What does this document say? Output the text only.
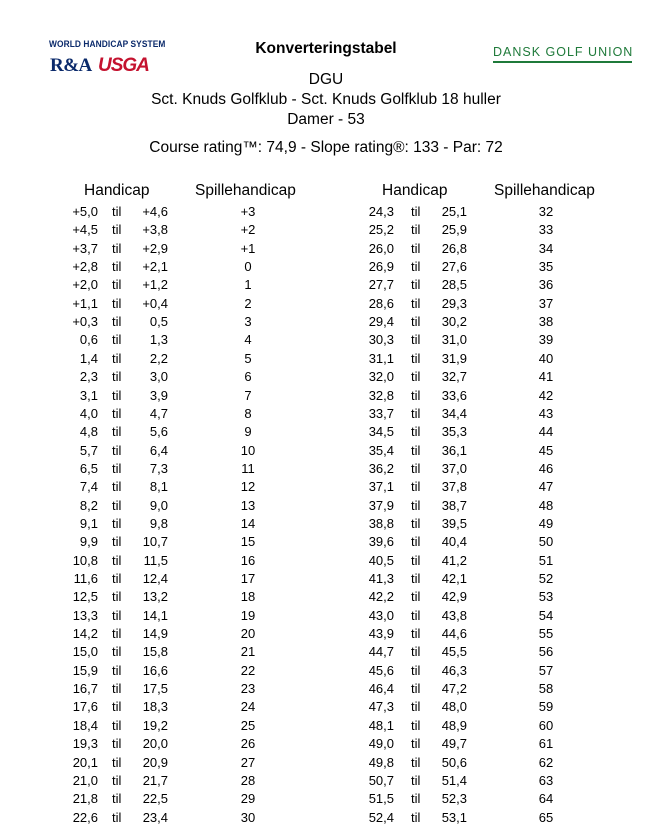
WORLD HANDICAP SYSTEM
R&A USGA
DANSK GOLF UNION
Konverteringstabel
DGU
Sct. Knuds Golfklub - Sct. Knuds Golfklub 18 huller
Damer - 53
Course rating™: 74,9 - Slope rating®: 133 - Par: 72
Handicap	Spillehandicap	Handicap	Spillehandicap
+5,0 til	+4,6	+3
+4,5 til	+3,8	+2
+3,7 til	+2,9	+1
+2,8 til	+2,1	0
+2,0 til	+1,2	1
+1,1 til	+0,4	2
+0,3 til	0,5	3
0,6 til	1,3	4
1,4 til	2,2	5
2,3 til	3,0	6
3,1 til	3,9	7
4,0 til	4,7	8
4,8 til	5,6	9
5,7 til	6,4	10
6,5 til	7,3	11
7,4 til	8,1	12
8,2 til	9,0	13
9,1 til	9,8	14
9,9 til	10,7	15
10,8 til	11,5	16
11,6 til	12,4	17
12,5 til	13,2	18
13,3 til	14,1	19
14,2 til	14,9	20
15,0 til	15,8	21
15,9 til	16,6	22
16,7 til	17,5	23
17,6 til	18,3	24
18,4 til	19,2	25
19,3 til	20,0	26
20,1 til	20,9	27
21,0 til	21,7	28
21,8 til	22,5	29
22,6 til	23,4	30
24,3 til	25,1	32
25,2 til	25,9	33
26,0 til	26,8	34
26,9 til	27,6	35
27,7 til	28,5	36
28,6 til	29,3	37
29,4 til	30,2	38
30,3 til	31,0	39
31,1 til	31,9	40
32,0 til	32,7	41
32,8 til	33,6	42
33,7 til	34,4	43
34,5 til	35,3	44
35,4 til	36,1	45
36,2 til	37,0	46
37,1 til	37,8	47
37,9 til	38,7	48
38,8 til	39,5	49
39,6 til	40,4	50
40,5 til	41,2	51
41,3 til	42,1	52
42,2 til	42,9	53
43,0 til	43,8	54
43,9 til	44,6	55
44,7 til	45,5	56
45,6 til	46,3	57
46,4 til	47,2	58
47,3 til	48,0	59
48,1 til	48,9	60
49,0 til	49,7	61
49,8 til	50,6	62
50,7 til	51,4	63
51,5 til	52,3	64
52,4 til	53,1	65
